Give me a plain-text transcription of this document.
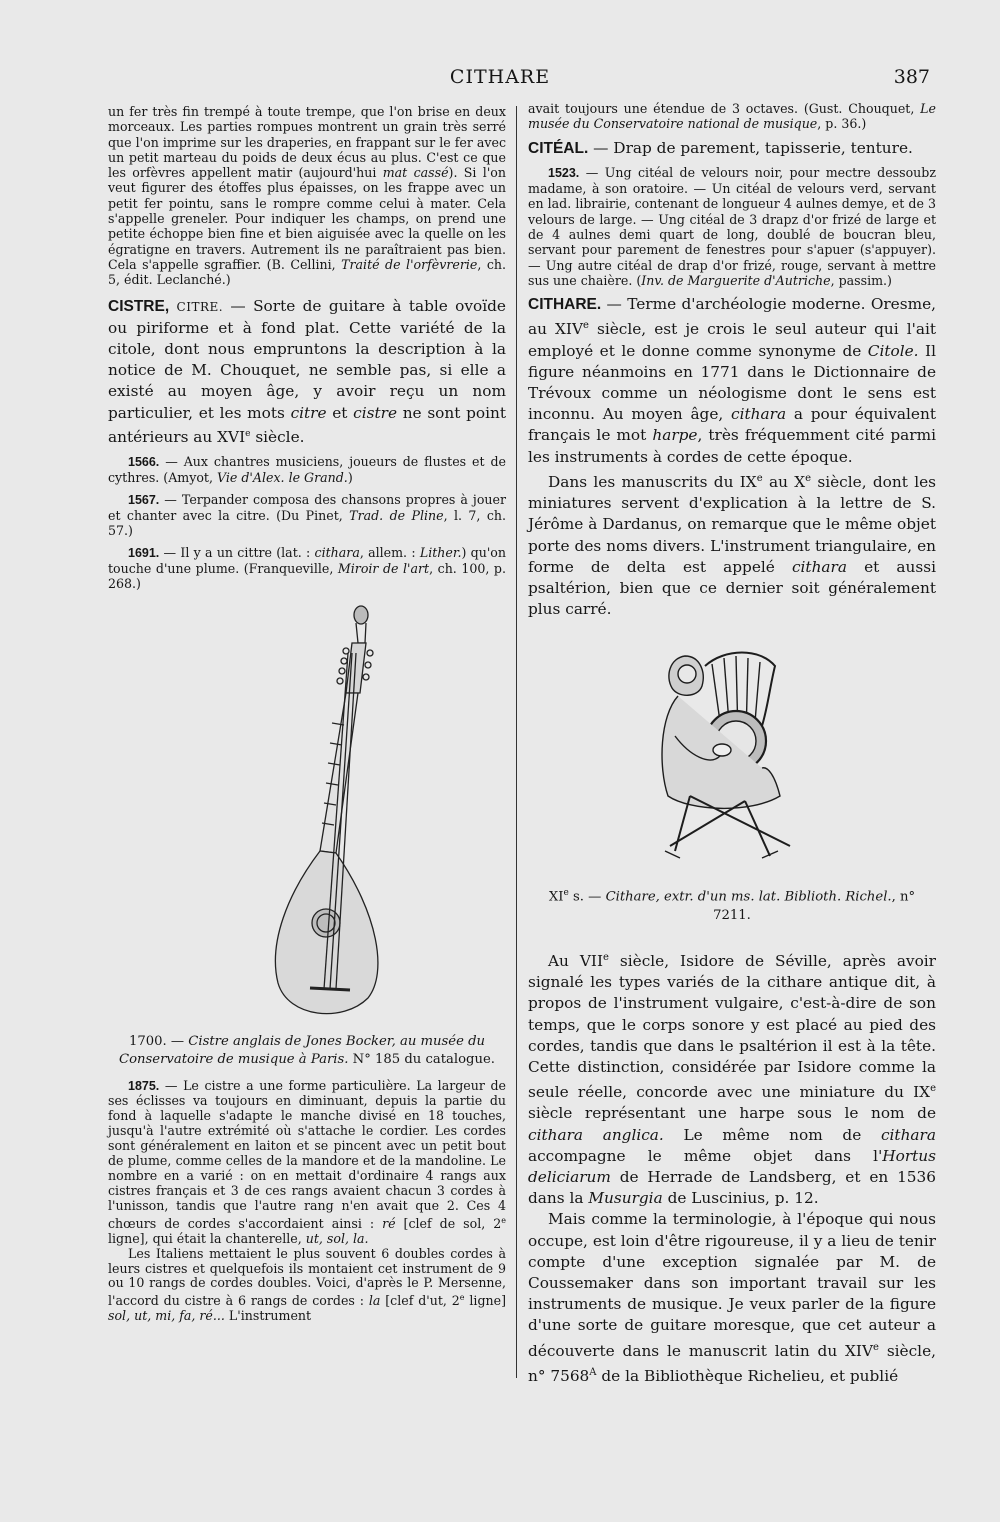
CITHARE	387

un fer très fin trempé à toute trempe, que l'on brise en deux morceaux. Les parties rompues montrent un grain très serré que l'on imprime sur les draperies, en frappant sur le fer avec un petit marteau du poids de deux écus au plus. C'est ce que les orfèvres appellent matir (aujourd'hui mat cassé). Si l'on veut figurer des étoffes plus épaisses, on les frappe avec un petit fer pointu, sans le rompre comme celui à mater. Cela s'appelle greneler. Pour indiquer les champs, on prend une petite échoppe bien fine et bien aiguisée avec la quelle on les égratigne en travers. Autrement ils ne paraîtraient pas bien. Cela s'appelle sgraffier. (B. Cellini, Traité de l'orfèvrerie, ch. 5, édit. Leclanché.)

CISTRE, CITRE. — Sorte de guitare à table ovoïde ou piriforme et à fond plat. Cette variété de la citole, dont nous empruntons la description à la notice de M. Chouquet, ne semble pas, si elle a existé au moyen âge, y avoir reçu un nom particulier, et les mots citre et cistre ne sont point antérieurs au XVIe siècle.

1566. — Aux chantres musiciens, joueurs de flustes et de cythres. (Amyot, Vie d'Alex. le Grand.)

1567. — Terpander composa des chansons propres à jouer et chanter avec la citre. (Du Pinet, Trad. de Pline, l. 7, ch. 57.)

1691. — Il y a un cittre (lat. : cithara, allem. : Lither.) qu'on touche d'une plume. (Franqueville, Miroir de l'art, ch. 100, p. 268.)

1700. — Cistre anglais de Jones Bocker, au musée du Conservatoire de musique à Paris. N° 185 du catalogue.

1875. — Le cistre a une forme particulière. La largeur de ses éclisses va toujours en diminuant, depuis la partie du fond à laquelle s'adapte le manche divisé en 18 touches, jusqu'à l'autre extrémité où s'attache le cordier. Les cordes sont généralement en laiton et se pincent avec un petit bout de plume, comme celles de la mandore et de la mandoline. Le nombre en a varié : on en mettait d'ordinaire 4 rangs aux cistres français et 3 de ces rangs avaient chacun 3 cordes à l'unisson, tandis que l'autre rang n'en avait que 2. Ces 4 chœurs de cordes s'accordaient ainsi : ré [clef de sol, 2e ligne], qui était la chanterelle, ut, sol, la.

Les Italiens mettaient le plus souvent 6 doubles cordes à leurs cistres et quelquefois ils montaient cet instrument de 9 ou 10 rangs de cordes doubles. Voici, d'après le P. Mersenne, l'accord du cistre à 6 rangs de cordes : la [clef d'ut, 2e ligne] sol, ut, mi, fa, ré... L'instrument

avait toujours une étendue de 3 octaves. (Gust. Chouquet, Le musée du Conservatoire national de musique, p. 36.)

CITÉAL. — Drap de parement, tapisserie, tenture.

1523. — Ung citéal de velours noir, pour mectre dessoubz madame, à son oratoire. — Un citéal de velours verd, servant en lad. librairie, contenant de longueur 4 aulnes demye, et de 3 velours de large. — Ung citéal de 3 drapz d'or frizé de large et de 4 aulnes demi quart de long, doublé de boucran bleu, servant pour parement de fenestres pour s'apuer (s'appuyer). — Ung autre citéal de drap d'or frizé, rouge, servant à mettre sus une chaière. (Inv. de Marguerite d'Autriche, passim.)

CITHARE. — Terme d'archéologie moderne. Oresme, au XIVe siècle, est je crois le seul auteur qui l'ait employé et le donne comme synonyme de Citole. Il figure néanmoins en 1771 dans le Dictionnaire de Trévoux comme un néologisme dont le sens est inconnu. Au moyen âge, cithara a pour équivalent français le mot harpe, très fréquemment cité parmi les instruments à cordes de cette époque.

Dans les manuscrits du IXe au Xe siècle, dont les miniatures servent d'explication à la lettre de S. Jérôme à Dardanus, on remarque que le même objet porte des noms divers. L'instrument triangulaire, en forme de delta est appelé cithara et aussi psaltérion, bien que ce dernier soit généralement plus carré.

XIe s. — Cithare, extr. d'un ms. lat. Biblioth. Richel., n° 7211.

Au VIIe siècle, Isidore de Séville, après avoir signalé les types variés de la cithare antique dit, à propos de l'instrument vulgaire, c'est-à-dire de son temps, que le corps sonore y est placé au pied des cordes, tandis que dans le psaltérion il est à la tête. Cette distinction, considérée par Isidore comme la seule réelle, concorde avec une miniature du IXe siècle représentant une harpe sous le nom de cithara anglica. Le même nom de cithara accompagne le même objet dans l'Hortus deliciarum de Herrade de Landsberg, et en 1536 dans la Musurgia de Luscinius, p. 12.

Mais comme la terminologie, à l'époque qui nous occupe, est loin d'être rigoureuse, il y a lieu de tenir compte d'une exception signalée par M. de Coussemaker dans son important travail sur les instruments de musique. Je veux parler de la figure d'une sorte de guitare moresque, que cet auteur a découverte dans le manuscrit latin du XIVe siècle, n° $7568^A$ de la Bibliothèque Richelieu, et publié
